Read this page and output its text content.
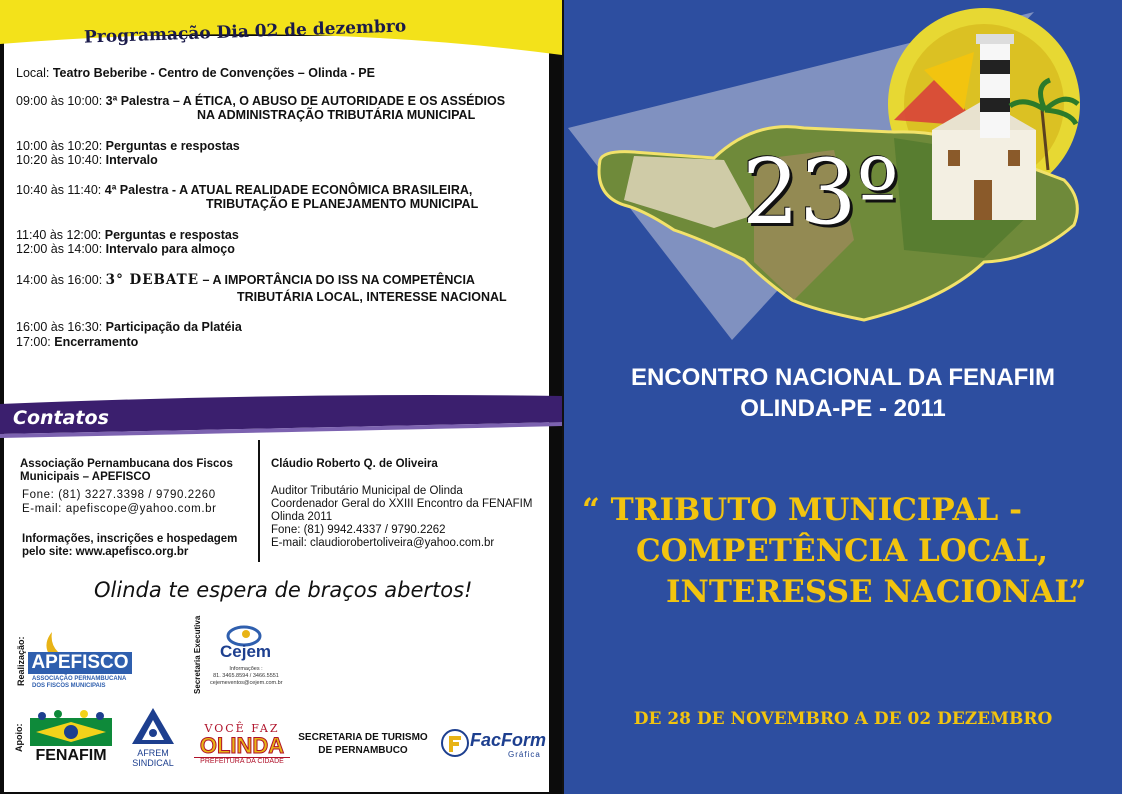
Programação Dia 02 de dezembro
Local: Teatro Beberibe - Centro de Convenções – Olinda - PE
09:00 às 10:00: 3ª Palestra – A ÉTICA, O ABUSO DE AUTORIDADE E OS ASSÉDIOS
NA ADMINISTRAÇÃO TRIBUTÁRIA MUNICIPAL
10:00 às 10:20: Perguntas e respostas
10:20 às 10:40: Intervalo
10:40 às 11:40: 4ª Palestra - A ATUAL REALIDADE ECONÔMICA BRASILEIRA,
TRIBUTAÇÃO E PLANEJAMENTO MUNICIPAL
11:40 às 12:00: Perguntas e respostas
12:00 às 14:00: Intervalo para almoço
14:00 às 16:00: 3° DEBATE – A IMPORTÂNCIA DO ISS NA COMPETÊNCIA
TRIBUTÁRIA LOCAL, INTERESSE NACIONAL
16:00 às 16:30: Participação da Platéia
17:00: Encerramento
Contatos
Associação Pernambucana dos Fiscos
Municipais – APEFISCO
Fone: (81) 3227.3398 / 9790.2260
E-mail: apefiscope@yahoo.com.br
Informações, inscrições e hospedagem
pelo site: www.apefisco.org.br
Cláudio Roberto Q. de Oliveira
Auditor Tributário Municipal de Olinda
Coordenador Geral do XXIII Encontro da FENAFIM
Olinda 2011
Fone: (81) 9942.4337 / 9790.2262
E-mail: claudiorobertoliveira@yahoo.com.br
Olinda te espera de braços abertos!
Realização:	Secretaria Executiva
Apoio:
APEFISCO
ASSOCIAÇÃO PERNAMBUCANA
DOS FISCOS MUNICIPAIS
Cejem
Informações :
81. 3465.8594 / 3466.5551
cejemeventos@cejem.com.br
FENAFIM	AFREM
SINDICAL
VOCÊ FAZ
OLINDA
PREFEITURA DA CIDADE
SECRETARIA DE TURISMO
DE PERNAMBUCO
FacForm
Gráfica
23º
ENCONTRO NACIONAL DA FENAFIM
OLINDA-PE - 2011
“ TRIBUTO MUNICIPAL -
COMPETÊNCIA LOCAL,
INTERESSE NACIONAL”
DE 28 DE NOVEMBRO A DE 02 DEZEMBRO
